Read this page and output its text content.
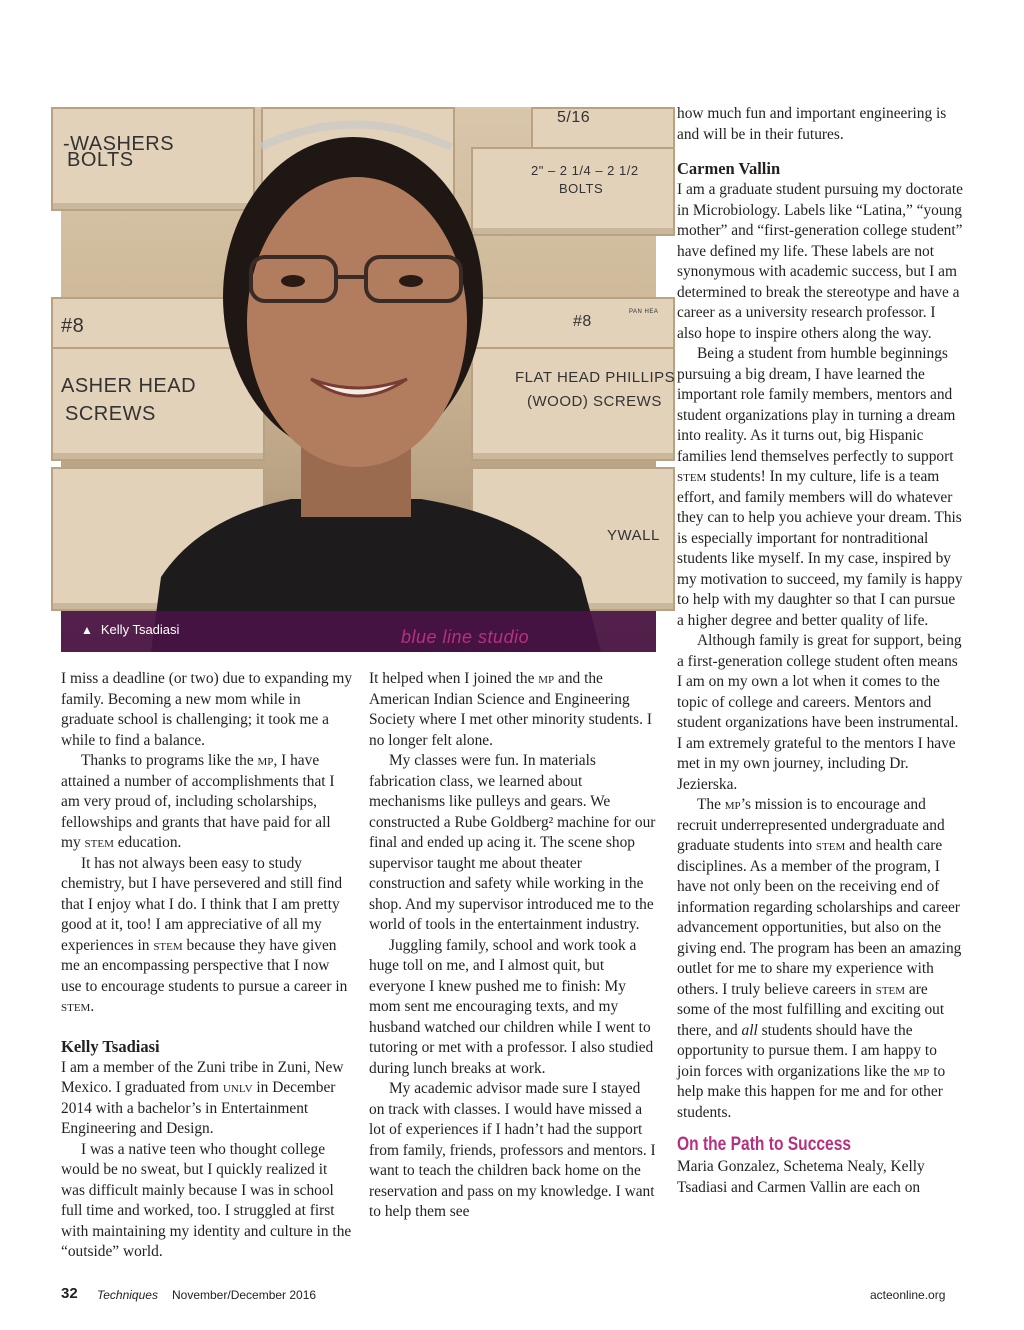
-WASHERS
BOLTS
5/16
2" – 2 1/4 – 2 1/2
BOLTS
#8
ASHER HEAD
SCREWS
#8
PAN HEA
FLAT HEAD PHILLIPS
(WOOD) SCREWS
YWALL
▲ Kelly Tsadiasi	blue line studio

I miss a deadline (or two) due to expanding my family. Becoming a new mom while in graduate school is challenging; it took me a while to find a balance.

Thanks to programs like the mp, I have attained a number of accomplishments that I am very proud of, including scholarships, fellowships and grants that have paid for all my stem education.

It has not always been easy to study chemistry, but I have persevered and still find that I enjoy what I do. I think that I am pretty good at it, too! I am appreciative of all my experiences in stem because they have given me an encompassing perspective that I now use to encourage students to pursue a career in stem.

Kelly Tsadiasi

I am a member of the Zuni tribe in Zuni, New Mexico. I graduated from unlv in December 2014 with a bachelor’s in Entertainment Engineering and Design.

I was a native teen who thought college would be no sweat, but I quickly realized it was difficult mainly because I was in school full time and worked, too. I struggled at first with maintaining my identity and culture in the “outside” world.

It helped when I joined the mp and the American Indian Science and Engineering Society where I met other minority students. I no longer felt alone.

My classes were fun. In materials fabrication class, we learned about mechanisms like pulleys and gears. We constructed a Rube Goldberg² machine for our final and ended up acing it. The scene shop supervisor taught me about theater construction and safety while working in the shop. And my supervisor introduced me to the world of tools in the entertainment industry.

Juggling family, school and work took a huge toll on me, and I almost quit, but everyone I knew pushed me to finish: My mom sent me encouraging texts, and my husband watched our children while I went to tutoring or met with a professor. I also studied during lunch breaks at work.

My academic advisor made sure I stayed on track with classes. I would have missed a lot of experiences if I hadn’t had the support from family, friends, professors and mentors. I want to teach the children back home on the reservation and pass on my knowledge. I want to help them see

how much fun and important engineering is and will be in their futures.

Carmen Vallin

I am a graduate student pursuing my doctorate in Microbiology. Labels like “Latina,” “young mother” and “first-generation college student” have defined my life. These labels are not synonymous with academic success, but I am determined to break the stereotype and have a career as a university research professor. I also hope to inspire others along the way.

Being a student from humble beginnings pursuing a big dream, I have learned the important role family members, mentors and student organizations play in turning a dream into reality. As it turns out, big Hispanic families lend themselves perfectly to support stem students! In my culture, life is a team effort, and family members will do whatever they can to help you achieve your dream. This is especially important for nontraditional students like myself. In my case, inspired by my motivation to succeed, my family is happy to help with my daughter so that I can pursue a higher degree and better quality of life.

Although family is great for support, being a first-generation college student often means I am on my own a lot when it comes to the topic of college and careers. Mentors and student organizations have been instrumental. I am extremely grateful to the mentors I have met in my own journey, including Dr. Jezierska.

The mp’s mission is to encourage and recruit underrepresented undergraduate and graduate students into stem and health care disciplines. As a member of the program, I have not only been on the receiving end of information regarding scholarships and career advancement opportunities, but also on the giving end. The program has been an amazing outlet for me to share my experience with others. I truly believe careers in stem are some of the most fulfilling and exciting out there, and all students should have the opportunity to pursue them. I am happy to join forces with organizations like the mp to help make this happen for me and for other students.

On the Path to Success

Maria Gonzalez, Schetema Nealy, Kelly Tsadiasi and Carmen Vallin are each on

32 Techniques November/December 2016	acteonline.org
